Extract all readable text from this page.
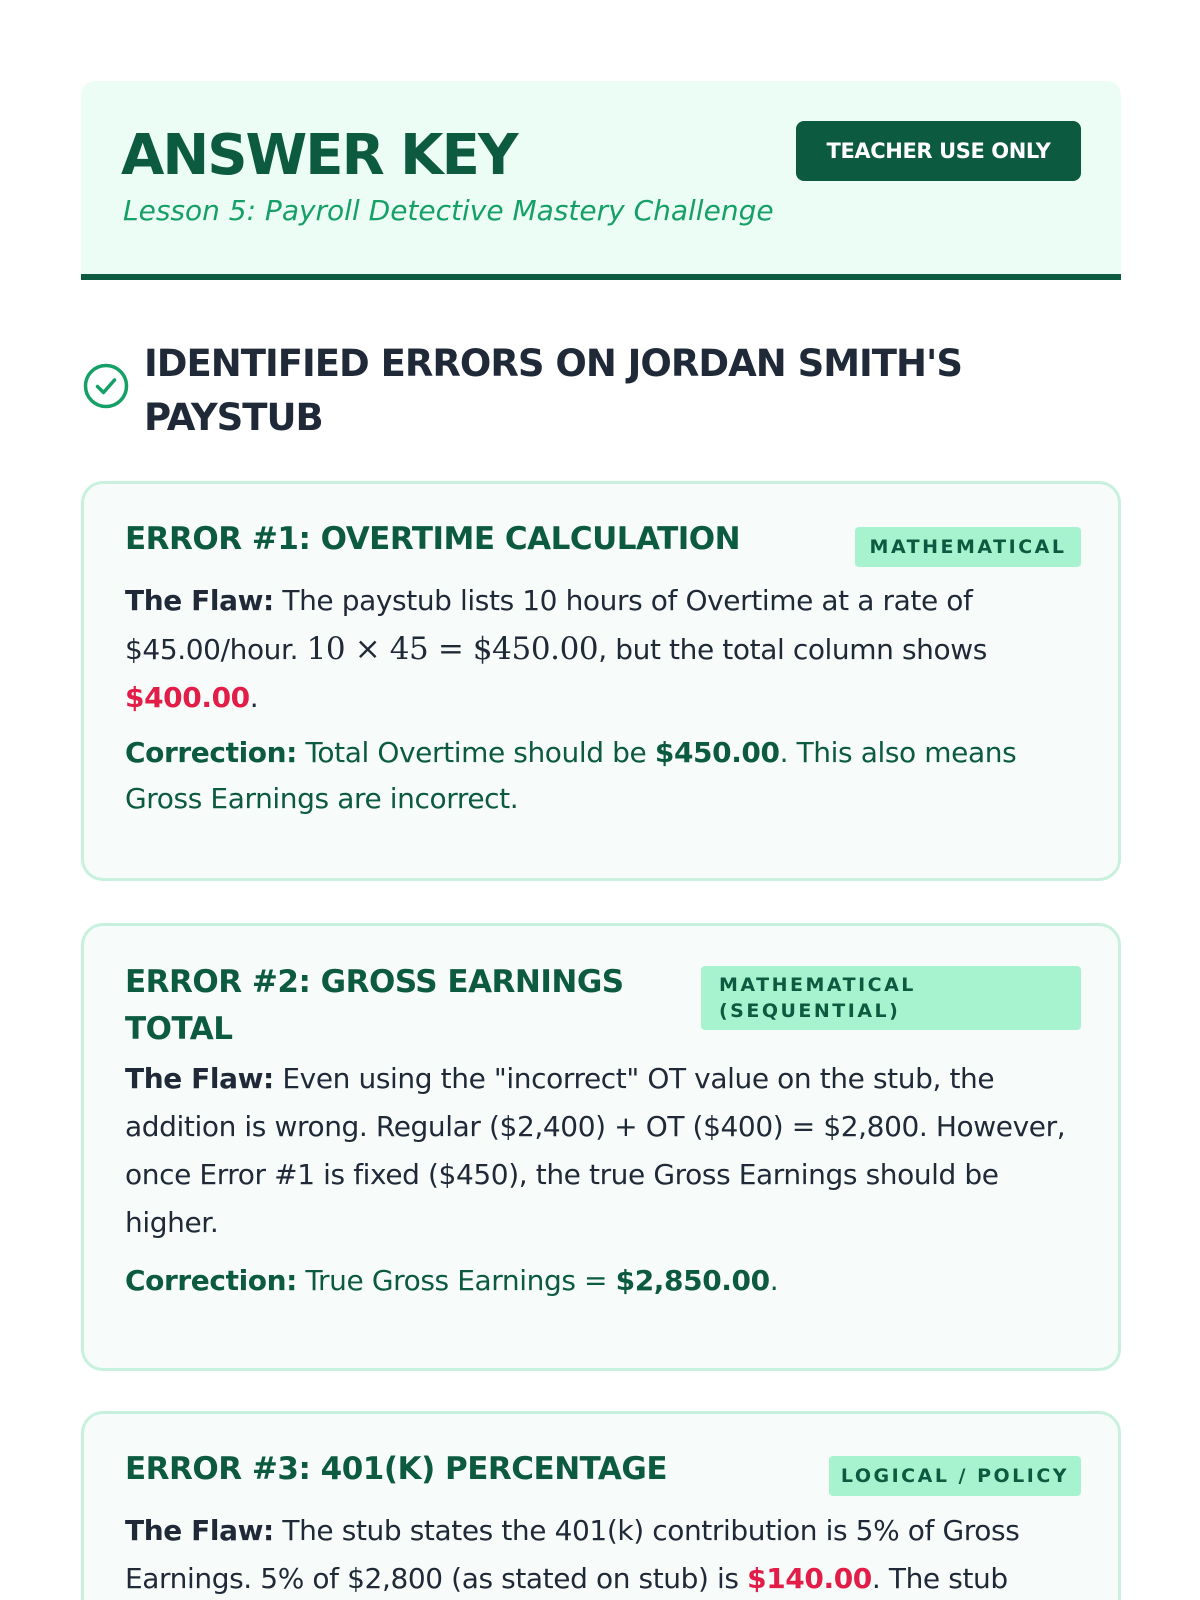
ANSWER KEY
Lesson 5: Payroll Detective Mastery Challenge
TEACHER USE ONLY
IDENTIFIED ERRORS ON JORDAN SMITH'S PAYSTUB
ERROR #1: OVERTIME CALCULATION	MATHEMATICAL
The Flaw: The paystub lists 10 hours of Overtime at a rate of $45.00/hour. 10 × 45 = $450.00, but the total column shows $400.00.
Correction: Total Overtime should be $450.00. This also means Gross Earnings are incorrect.
ERROR #2: GROSS EARNINGS TOTAL
MATHEMATICAL
(SEQUENTIAL)
The Flaw: Even using the "incorrect" OT value on the stub, the addition is wrong. Regular ($2,400) + OT ($400) = $2,800. However, once Error #1 is fixed ($450), the true Gross Earnings should be higher.
Correction: True Gross Earnings = $2,850.00.
ERROR #3: 401(K) PERCENTAGE	LOGICAL / POLICY
The Flaw: The stub states the 401(k) contribution is 5% of Gross Earnings. 5% of $2,800 (as stated on stub) is $140.00. The stub
